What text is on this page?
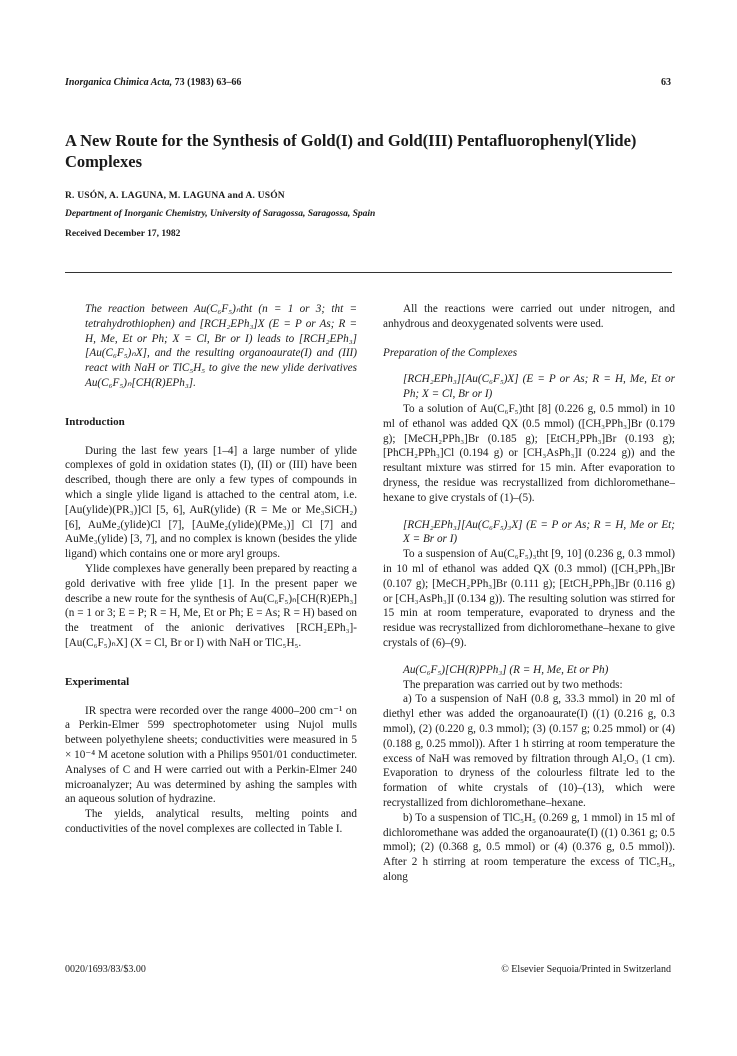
Inorganica Chimica Acta, 73 (1983) 63–66	63
A New Route for the Synthesis of Gold(I) and Gold(III) Pentafluorophenyl(Ylide) Complexes
R. USÓN, A. LAGUNA, M. LAGUNA and A. USÓN
Department of Inorganic Chemistry, University of Saragossa, Saragossa, Spain
Received December 17, 1982

The reaction between Au(C₆F₅)ₙtht (n = 1 or 3; tht = tetrahydrothiophen) and [RCH₂EPh₃]X (E = P or As; R = H, Me, Et or Ph; X = Cl, Br or I) leads to [RCH₂EPh₃][Au(C₆F₅)ₙX], and the resulting organoaurate(I) and (III) react with NaH or TlC₅H₅ to give the new ylide derivatives Au(C₆F₅)ₙ[CH(R)EPh₃].

Introduction

During the last few years [1–4] a large number of ylide complexes of gold in oxidation states (I), (II) or (III) have been described, though there are only a few types of compounds in which a single ylide ligand is attached to the central atom, i.e. [Au(ylide)(PR₃)]Cl [5, 6], AuR(ylide) (R = Me or Me₃SiCH₂) [6], AuMe₂(ylide)Cl [7], [AuMe₂(ylide)(PMe₃)] Cl [7] and AuMe₃(ylide) [3, 7], and no complex is known (besides the ylide ligand) which contains one or more aryl groups.

Ylide complexes have generally been prepared by reacting a gold derivative with free ylide [1]. In the present paper we describe a new route for the synthesis of Au(C₆F₅)ₙ[CH(R)EPh₃] (n = 1 or 3; E = P; R = H, Me, Et or Ph; E = As; R = H) based on the treatment of the anionic derivatives [RCH₂EPh₃]-[Au(C₆F₅)ₙX] (X = Cl, Br or I) with NaH or TlC₅H₅.

Experimental

IR spectra were recorded over the range 4000–200 cm⁻¹ on a Perkin-Elmer 599 spectrophotometer using Nujol mulls between polyethylene sheets; conductivities were measured in 5 × 10⁻⁴ M acetone solution with a Philips 9501/01 conductimeter. Analyses of C and H were carried out with a Perkin-Elmer 240 microanalyzer; Au was determined by ashing the samples with an aqueous solution of hydrazine.

The yields, analytical results, melting points and conductivities of the novel complexes are collected in Table I.

All the reactions were carried out under nitrogen, and anhydrous and deoxygenated solvents were used.

Preparation of the Complexes

[RCH₂EPh₃][Au(C₆F₅)X] (E = P or As; R = H, Me, Et or Ph; X = Cl, Br or I)

To a solution of Au(C₆F₅)tht [8] (0.226 g, 0.5 mmol) in 10 ml of ethanol was added QX (0.5 mmol) ([CH₃PPh₃]Br (0.179 g); [MeCH₂PPh₃]Br (0.185 g); [EtCH₂PPh₃]Br (0.193 g); [PhCH₂PPh₃]Cl (0.194 g) or [CH₃AsPh₃]I (0.224 g)) and the resultant mixture was stirred for 15 min. After evaporation to dryness, the residue was recrystallized from dichloromethane–hexane to give crystals of (1)–(5).

[RCH₂EPh₃][Au(C₆F₅)₃X] (E = P or As; R = H, Me or Et; X = Br or I)

To a suspension of Au(C₆F₅)₃tht [9, 10] (0.236 g, 0.3 mmol) in 10 ml of ethanol was added QX (0.3 mmol) ([CH₃PPh₃]Br (0.107 g); [MeCH₂PPh₃]Br (0.111 g); [EtCH₂PPh₃]Br (0.116 g) or [CH₃AsPh₃]I (0.134 g)). The resulting solution was stirred for 15 min at room temperature, evaporated to dryness and the residue was recrystallized from dichloromethane–hexane to give crystals of (6)–(9).

Au(C₆F₅)[CH(R)PPh₃] (R = H, Me, Et or Ph)

The preparation was carried out by two methods:

a) To a suspension of NaH (0.8 g, 33.3 mmol) in 20 ml of diethyl ether was added the organoaurate(I) ((1) (0.216 g, 0.3 mmol), (2) (0.220 g, 0.3 mmol); (3) (0.157 g; 0.25 mmol) or (4) (0.188 g, 0.25 mmol)). After 1 h stirring at room temperature the excess of NaH was removed by filtration through Al₂O₃ (1 cm). Evaporation to dryness of the colourless filtrate led to the formation of white crystals of (10)–(13), which were recrystallized from dichloromethane–hexane.

b) To a suspension of TlC₅H₅ (0.269 g, 1 mmol) in 15 ml of dichloromethane was added the organoaurate(I) ((1) 0.361 g; 0.5 mmol); (2) (0.368 g, 0.5 mmol) or (4) (0.376 g, 0.5 mmol)). After 2 h stirring at room temperature the excess of TlC₅H₅, along

0020/1693/83/$3.00	© Elsevier Sequoia/Printed in Switzerland
